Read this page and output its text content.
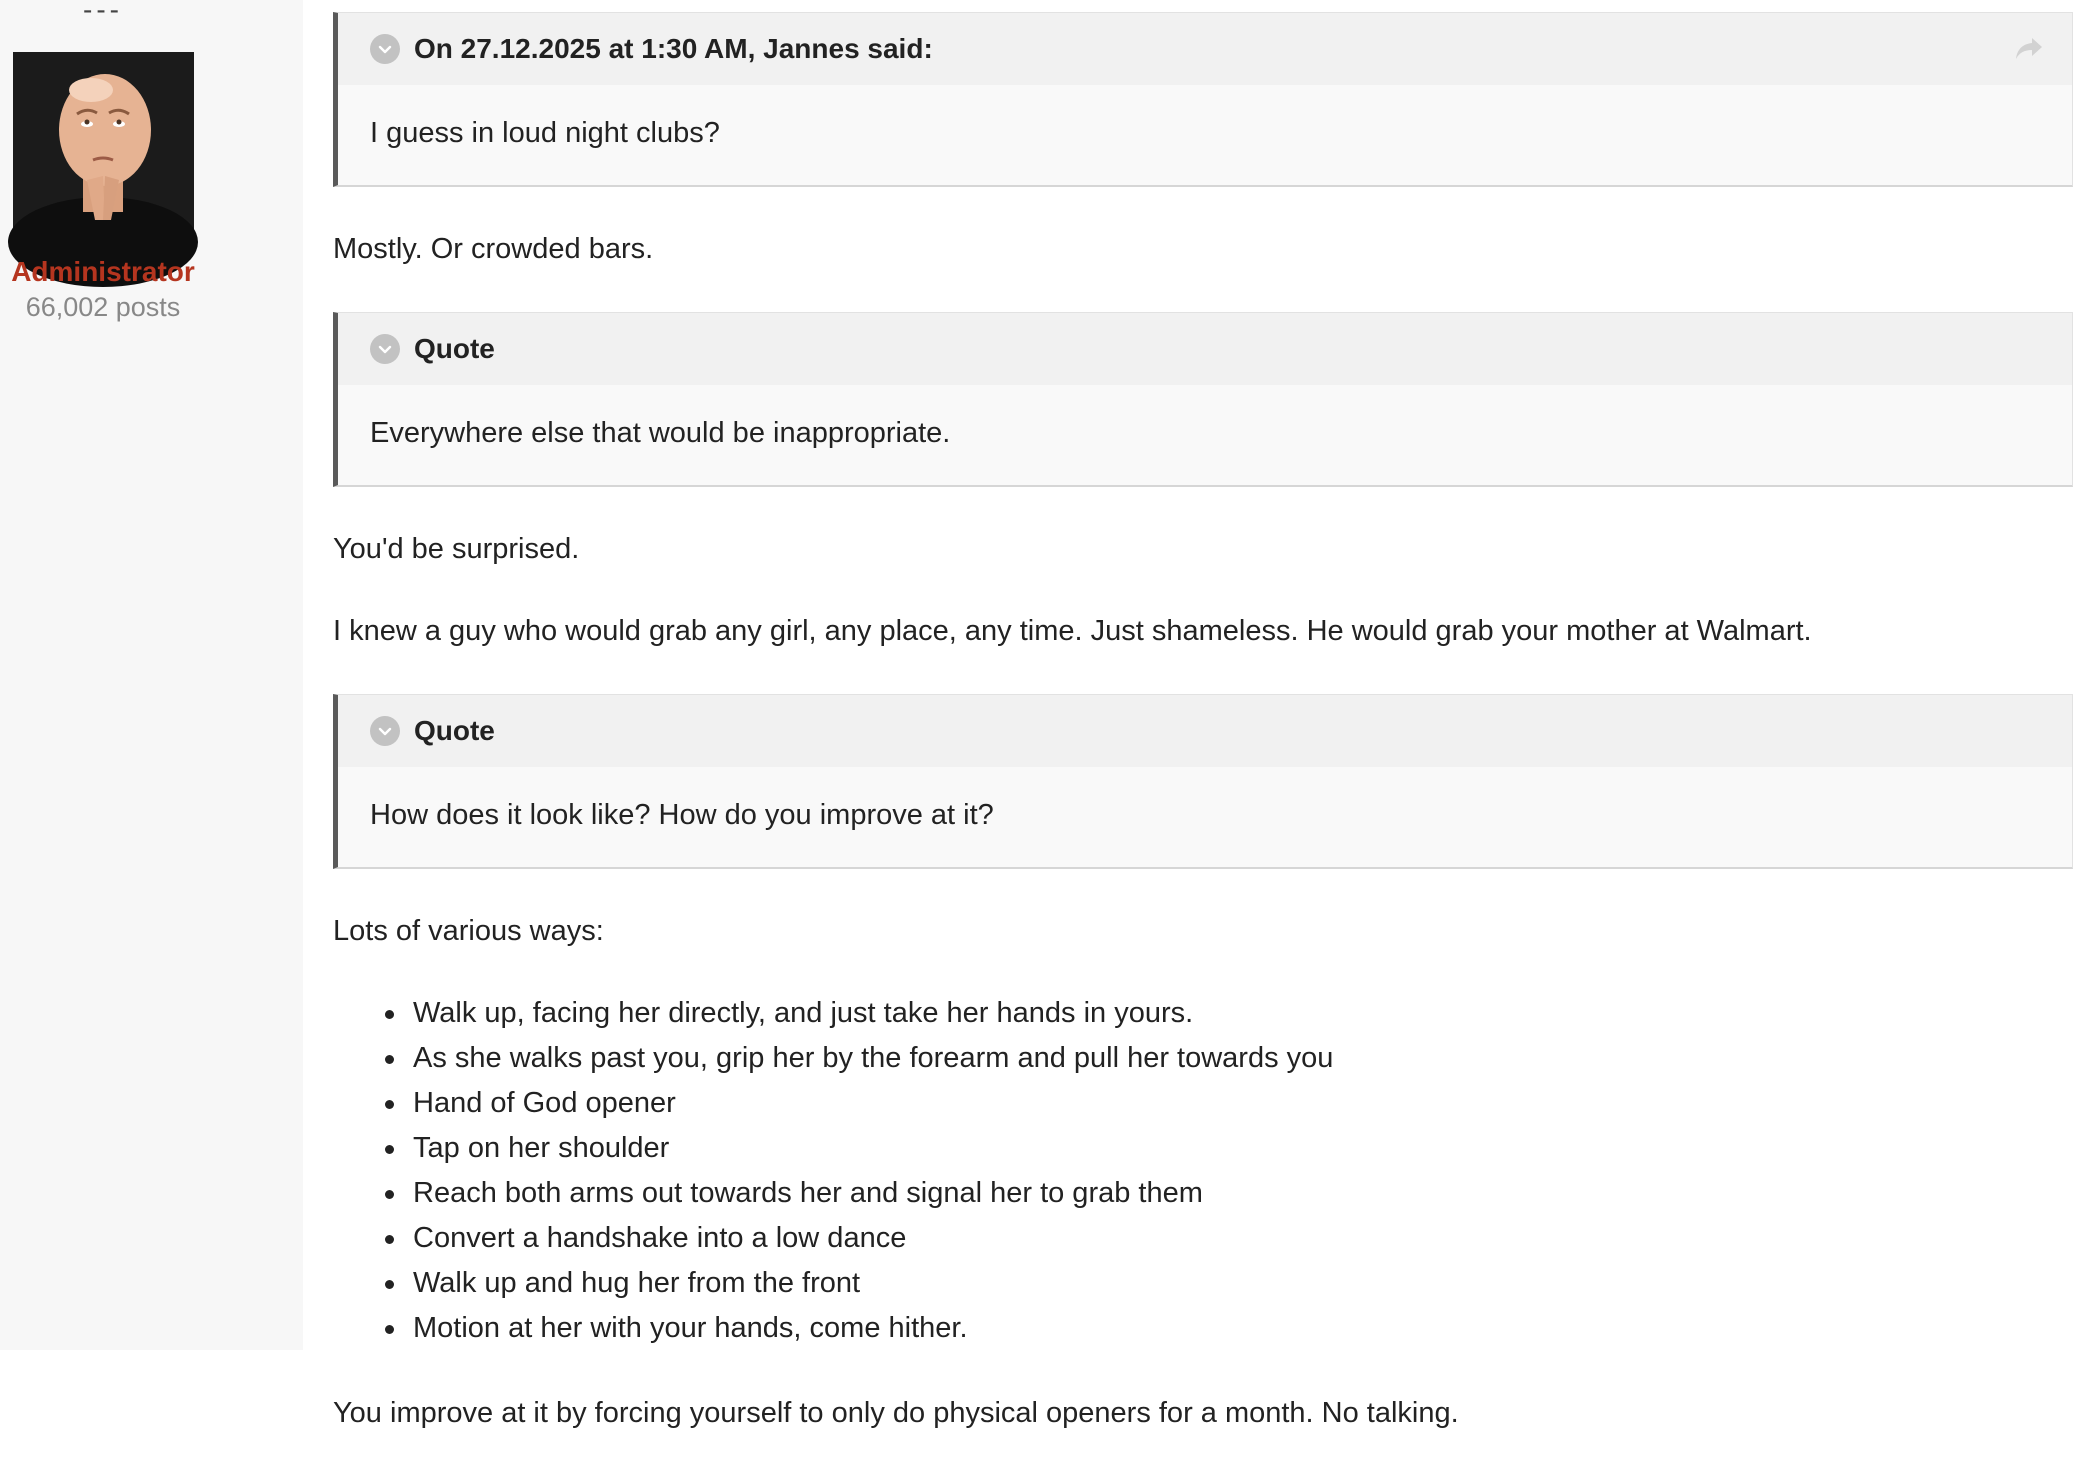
---
Administrator
66,002 posts
On 27.12.2025 at 1:30 AM, Jannes said:
I guess in loud night clubs?

Mostly. Or crowded bars.

Quote
Everywhere else that would be inappropriate.

You'd be surprised.

I knew a guy who would grab any girl, any place, any time. Just shameless. He would grab your mother at Walmart.

Quote
How does it look like? How do you improve at it?

Lots of various ways:

Walk up, facing her directly, and just take her hands in yours.
As she walks past you, grip her by the forearm and pull her towards you
Hand of God opener
Tap on her shoulder
Reach both arms out towards her and signal her to grab them
Convert a handshake into a low dance
Walk up and hug her from the front
Motion at her with your hands, come hither.

You improve at it by forcing yourself to only do physical openers for a month. No talking.
